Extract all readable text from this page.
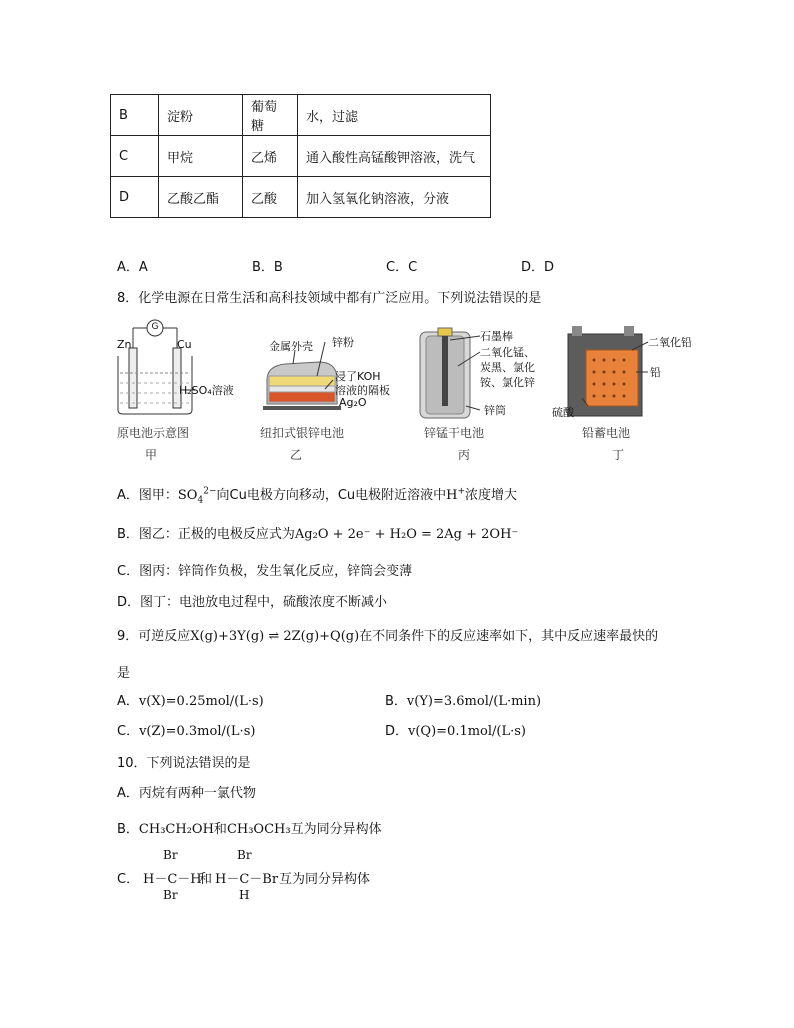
B	淀粉	葡萄糖	水，过滤
C	甲烷	乙烯	通入酸性高锰酸钾溶液，洗气
D	乙酸乙酯	乙酸	加入氢氧化钠溶液，分液
A．A	B．B	C．C	D．D
8．化学电源在日常生活和高科技领域中都有广泛应用。下列说法错误的是
G
Zn	Cu
H₂SO₄溶液
原电池示意图
甲
金属外壳 锌粉
浸了KOH
溶液的隔板
Ag₂O
纽扣式银锌电池
乙
石墨棒
二氧化锰、
炭黑、氯化
铵、氯化锌
锌筒
锌锰干电池
丙
二氧化铅
铅
硫酸
铅蓄电池
丁
A．图甲：$SO_4^{2-}$向Cu电极方向移动，Cu电极附近溶液中H+浓度增大
B．图乙：正极的电极反应式为Ag₂O + 2e⁻ + H₂O = 2Ag + 2OH⁻
C．图丙：锌筒作负极，发生氧化反应，锌筒会变薄
D．图丁：电池放电过程中，硫酸浓度不断减小
9．可逆反应X(g)+3Y(g) ⇌ 2Z(g)+Q(g)在不同条件下的反应速率如下，其中反应速率最快的
是
A．v(X)=0.25mol/(L·s)	B．v(Y)=3.6mol/(L·min)
C．v(Z)=0.3mol/(L·s)	D．v(Q)=0.1mol/(L·s)
10．下列说法错误的是
A．丙烷有两种一氯代物
B．CH₃CH₂OH和CH₃OCH₃互为同分异构体
C．
Br
H－C－H
Br
和
Br
H－C－Br
H
互为同分异构体
